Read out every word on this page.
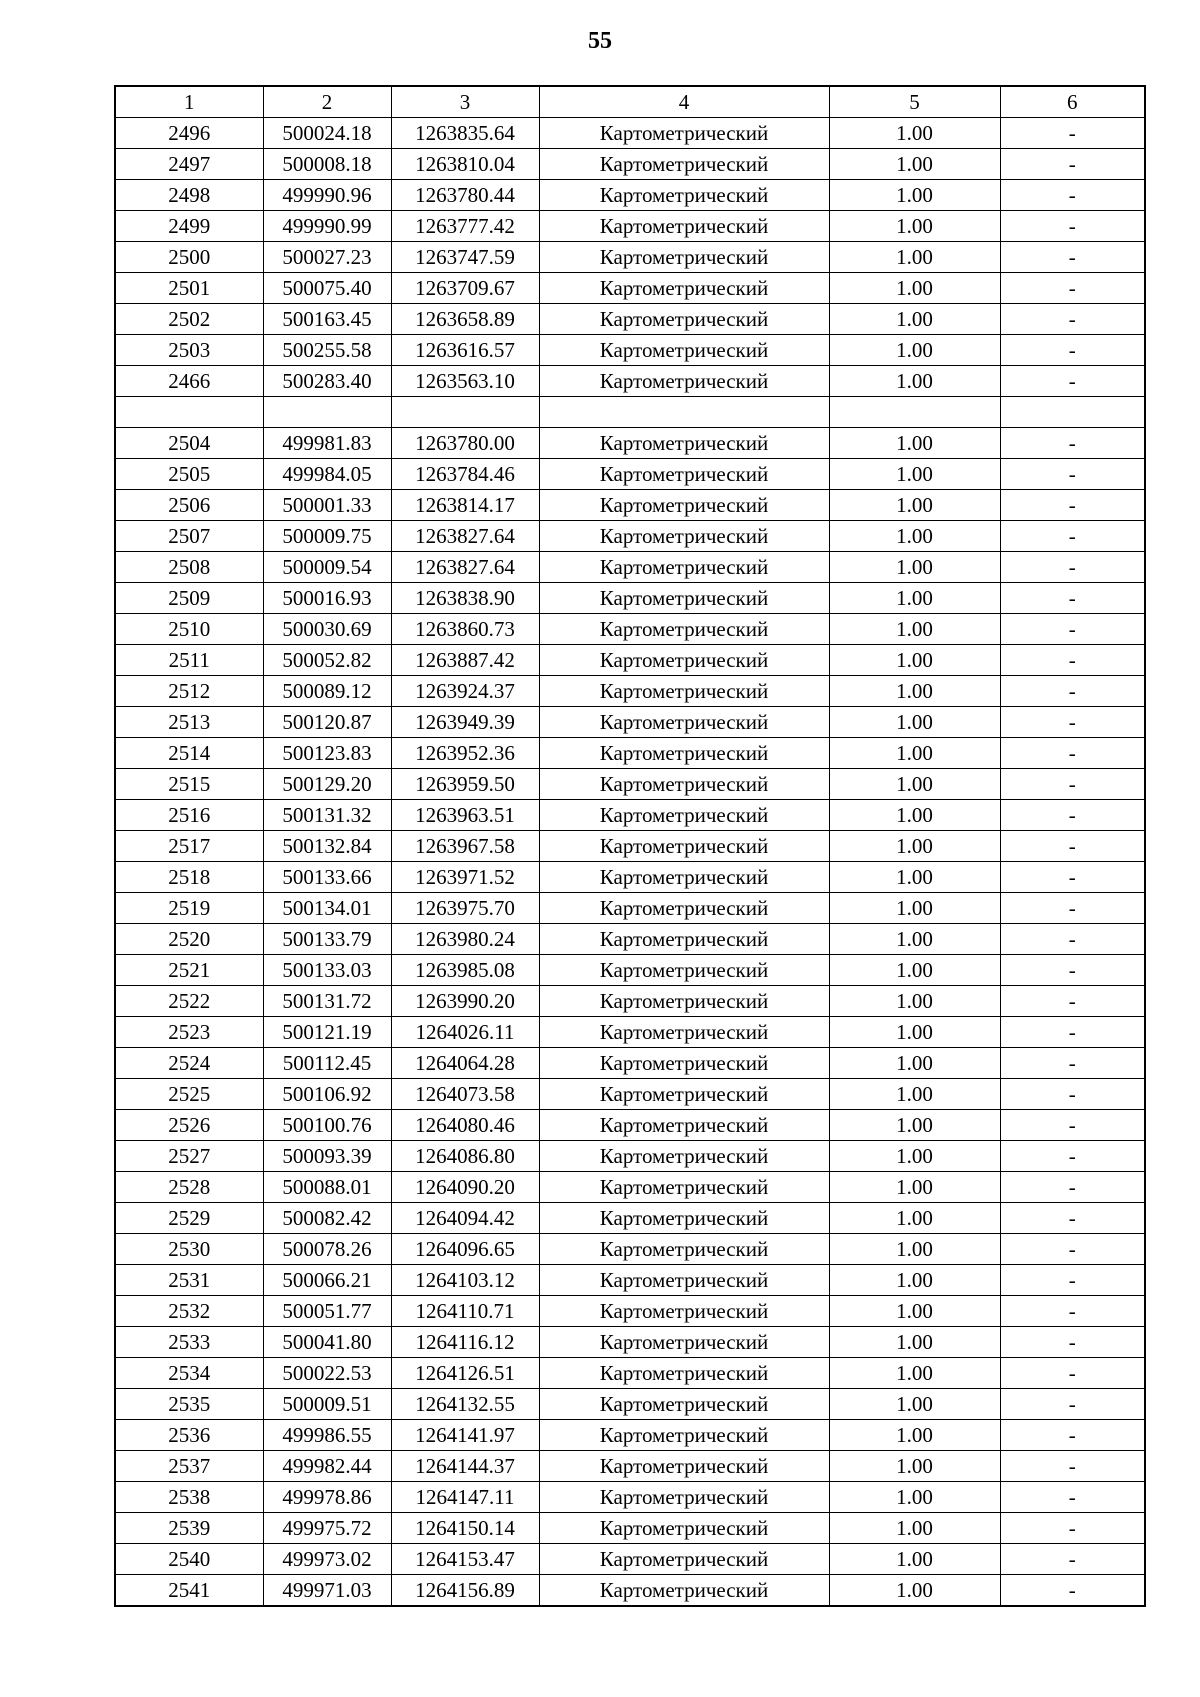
55
1	2	3	4	5	6
2496	500024.18	1263835.64	Картометрический	1.00	-
2497	500008.18	1263810.04	Картометрический	1.00	-
2498	499990.96	1263780.44	Картометрический	1.00	-
2499	499990.99	1263777.42	Картометрический	1.00	-
2500	500027.23	1263747.59	Картометрический	1.00	-
2501	500075.40	1263709.67	Картометрический	1.00	-
2502	500163.45	1263658.89	Картометрический	1.00	-
2503	500255.58	1263616.57	Картометрический	1.00	-
2466	500283.40	1263563.10	Картометрический	1.00	-

2504	499981.83	1263780.00	Картометрический	1.00	-
2505	499984.05	1263784.46	Картометрический	1.00	-
2506	500001.33	1263814.17	Картометрический	1.00	-
2507	500009.75	1263827.64	Картометрический	1.00	-
2508	500009.54	1263827.64	Картометрический	1.00	-
2509	500016.93	1263838.90	Картометрический	1.00	-
2510	500030.69	1263860.73	Картометрический	1.00	-
2511	500052.82	1263887.42	Картометрический	1.00	-
2512	500089.12	1263924.37	Картометрический	1.00	-
2513	500120.87	1263949.39	Картометрический	1.00	-
2514	500123.83	1263952.36	Картометрический	1.00	-
2515	500129.20	1263959.50	Картометрический	1.00	-
2516	500131.32	1263963.51	Картометрический	1.00	-
2517	500132.84	1263967.58	Картометрический	1.00	-
2518	500133.66	1263971.52	Картометрический	1.00	-
2519	500134.01	1263975.70	Картометрический	1.00	-
2520	500133.79	1263980.24	Картометрический	1.00	-
2521	500133.03	1263985.08	Картометрический	1.00	-
2522	500131.72	1263990.20	Картометрический	1.00	-
2523	500121.19	1264026.11	Картометрический	1.00	-
2524	500112.45	1264064.28	Картометрический	1.00	-
2525	500106.92	1264073.58	Картометрический	1.00	-
2526	500100.76	1264080.46	Картометрический	1.00	-
2527	500093.39	1264086.80	Картометрический	1.00	-
2528	500088.01	1264090.20	Картометрический	1.00	-
2529	500082.42	1264094.42	Картометрический	1.00	-
2530	500078.26	1264096.65	Картометрический	1.00	-
2531	500066.21	1264103.12	Картометрический	1.00	-
2532	500051.77	1264110.71	Картометрический	1.00	-
2533	500041.80	1264116.12	Картометрический	1.00	-
2534	500022.53	1264126.51	Картометрический	1.00	-
2535	500009.51	1264132.55	Картометрический	1.00	-
2536	499986.55	1264141.97	Картометрический	1.00	-
2537	499982.44	1264144.37	Картометрический	1.00	-
2538	499978.86	1264147.11	Картометрический	1.00	-
2539	499975.72	1264150.14	Картометрический	1.00	-
2540	499973.02	1264153.47	Картометрический	1.00	-
2541	499971.03	1264156.89	Картометрический	1.00	-
